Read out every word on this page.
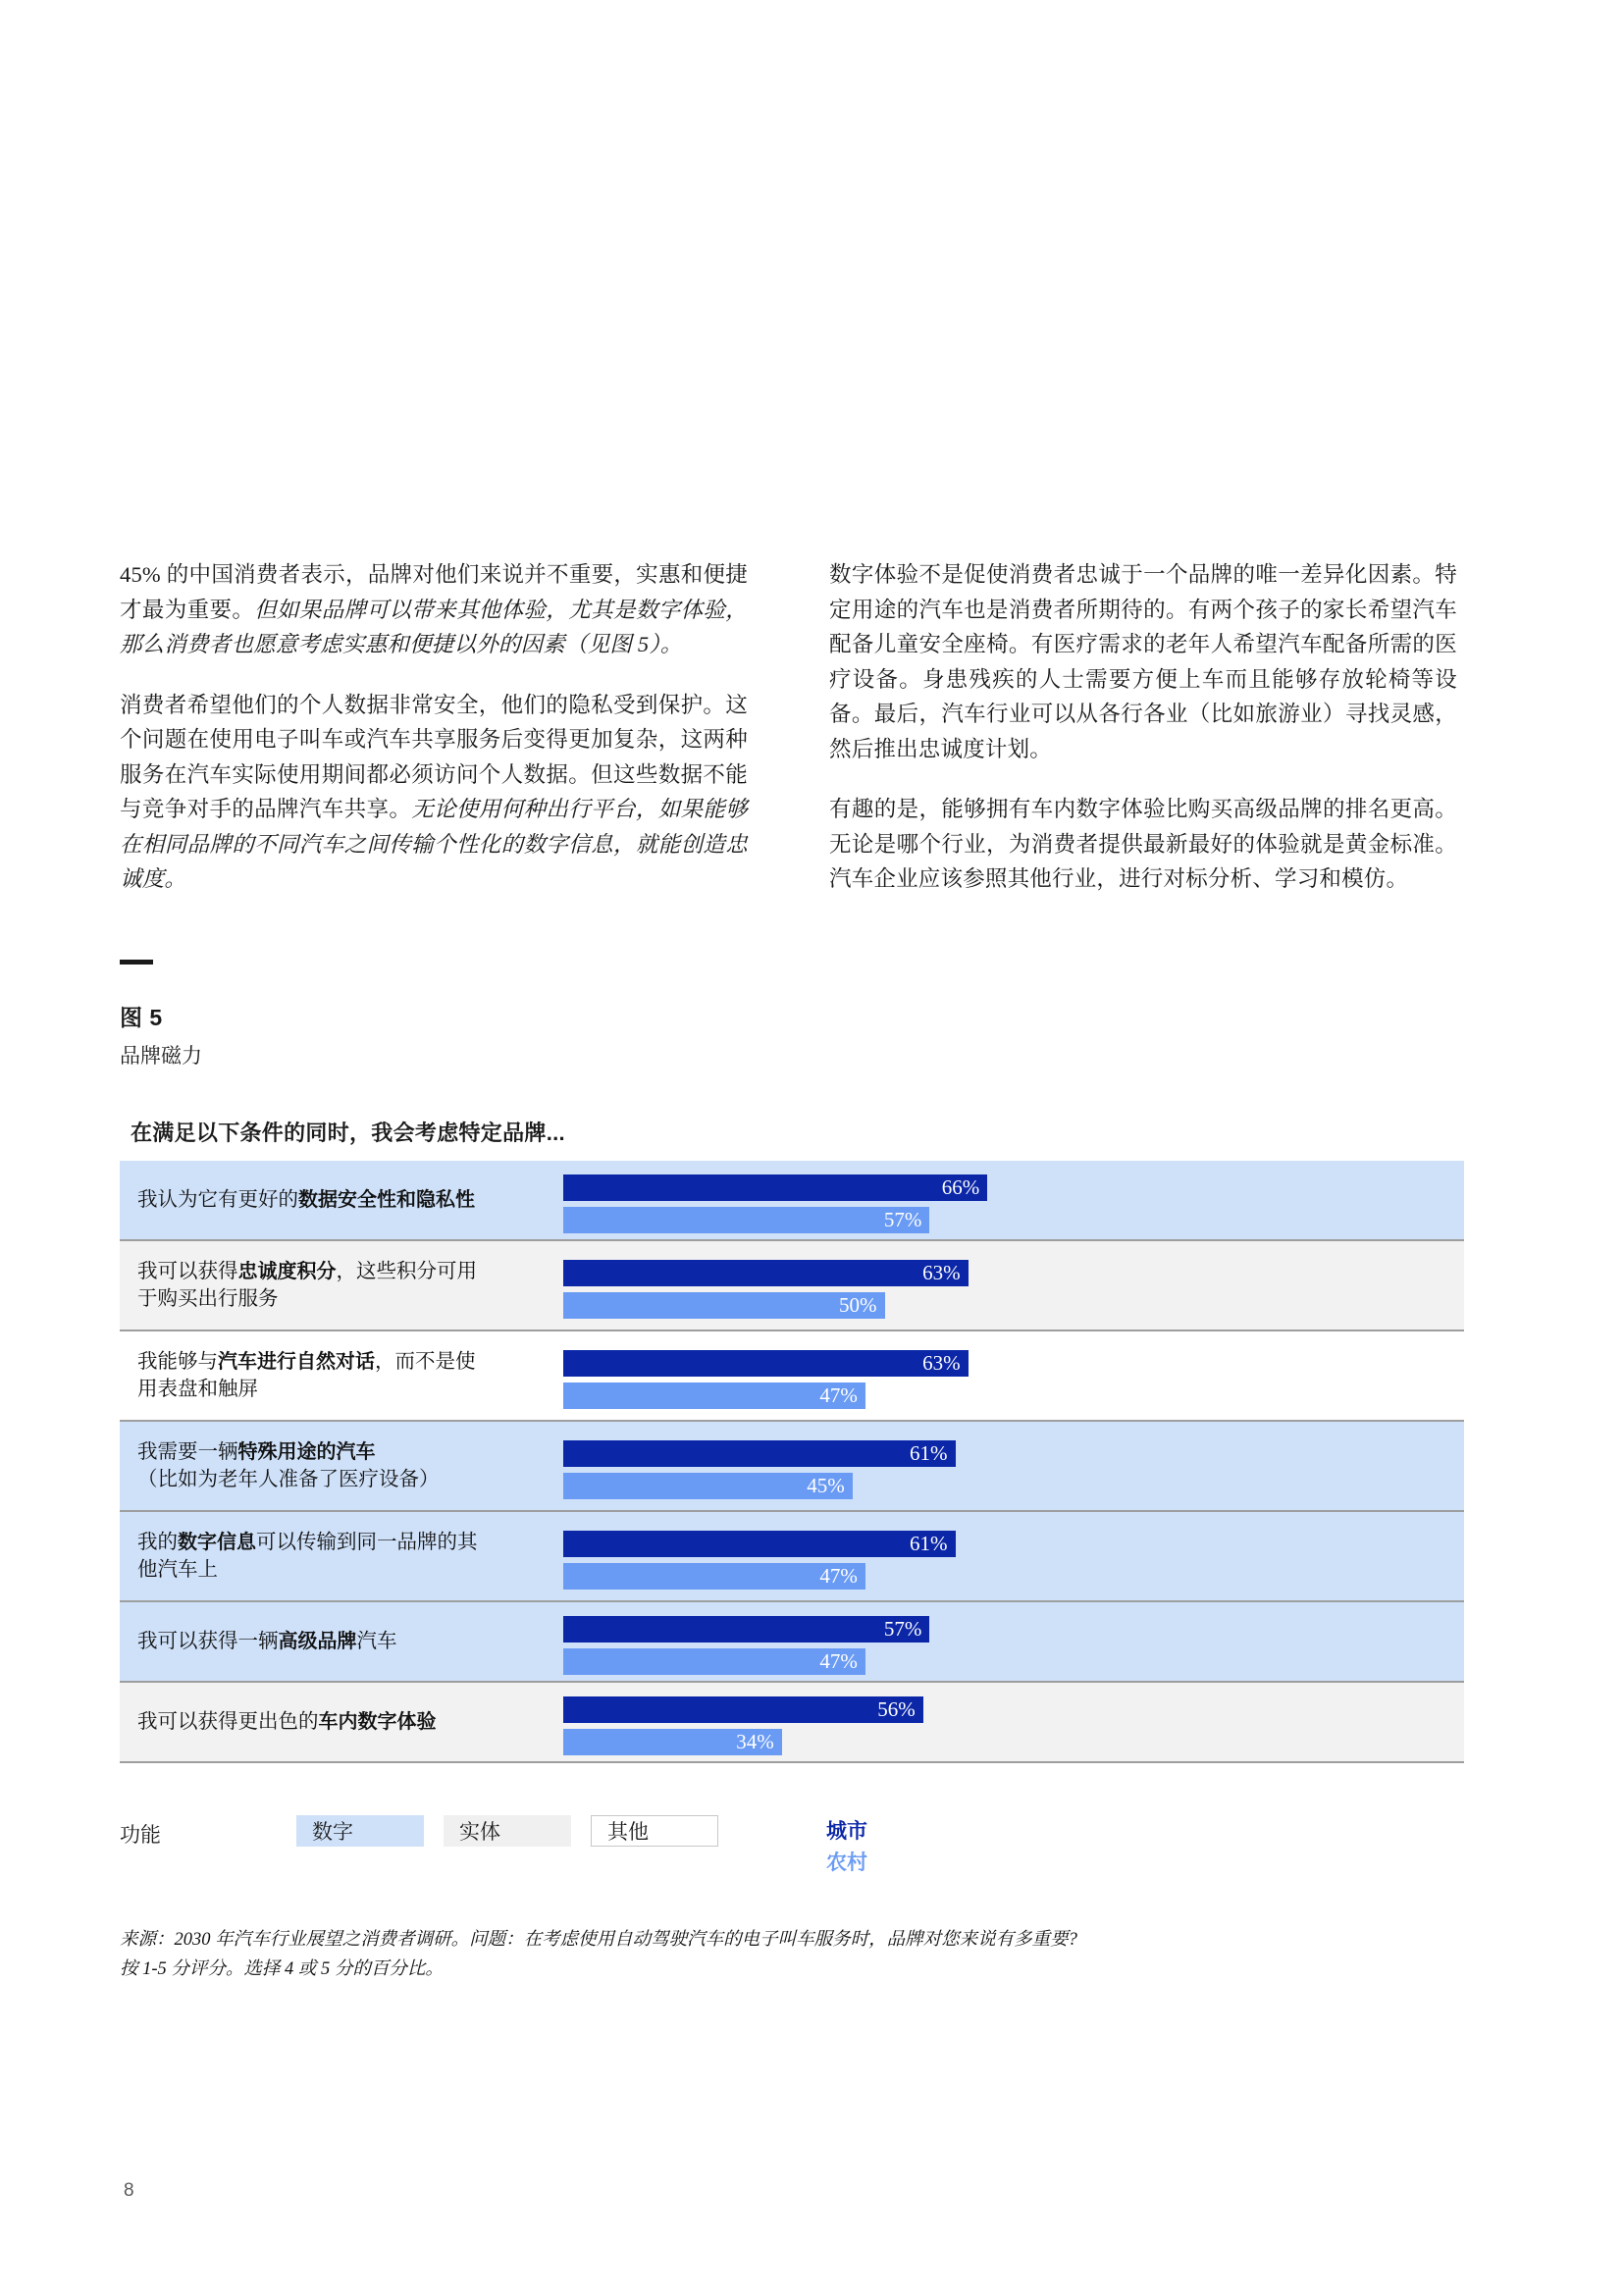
45% 的中国消费者表示，品牌对他们来说并不重要，实惠和便捷才最为重要。但如果品牌可以带来其他体验，尤其是数字体验，那么消费者也愿意考虑实惠和便捷以外的因素（见图 5）。

消费者希望他们的个人数据非常安全，他们的隐私受到保护。这个问题在使用电子叫车或汽车共享服务后变得更加复杂，这两种服务在汽车实际使用期间都必须访问个人数据。但这些数据不能与竞争对手的品牌汽车共享。无论使用何种出行平台，如果能够在相同品牌的不同汽车之间传输个性化的数字信息，就能创造忠诚度。

数字体验不是促使消费者忠诚于一个品牌的唯一差异化因素。特定用途的汽车也是消费者所期待的。有两个孩子的家长希望汽车配备儿童安全座椅。有医疗需求的老年人希望汽车配备所需的医疗设备。身患残疾的人士需要方便上车而且能够存放轮椅等设备。最后，汽车行业可以从各行各业（比如旅游业）寻找灵感，然后推出忠诚度计划。

有趣的是，能够拥有车内数字体验比购买高级品牌的排名更高。无论是哪个行业，为消费者提供最新最好的体验就是黄金标准。汽车企业应该参照其他行业，进行对标分析、学习和模仿。

图 5
品牌磁力
在满足以下条件的同时，我会考虑特定品牌...
我认为它有更好的数据安全性和隐私性
66%
57%
我可以获得忠诚度积分，这些积分可用
于购买出行服务
63%
50%
我能够与汽车进行自然对话，而不是使
用表盘和触屏
63%
47%
我需要一辆特殊用途的汽车
（比如为老年人准备了医疗设备）
61%
45%
我的数字信息可以传输到同一品牌的其
他汽车上
61%
47%
我可以获得一辆高级品牌汽车
57%
47%
我可以获得更出色的车内数字体验
56%
34%
功能	数字	实体	其他	城市
农村
来源：2030 年汽车行业展望之消费者调研。问题：在考虑使用自动驾驶汽车的电子叫车服务时，品牌对您来说有多重要?
按 1-5 分评分。选择 4 或 5 分的百分比。
8
